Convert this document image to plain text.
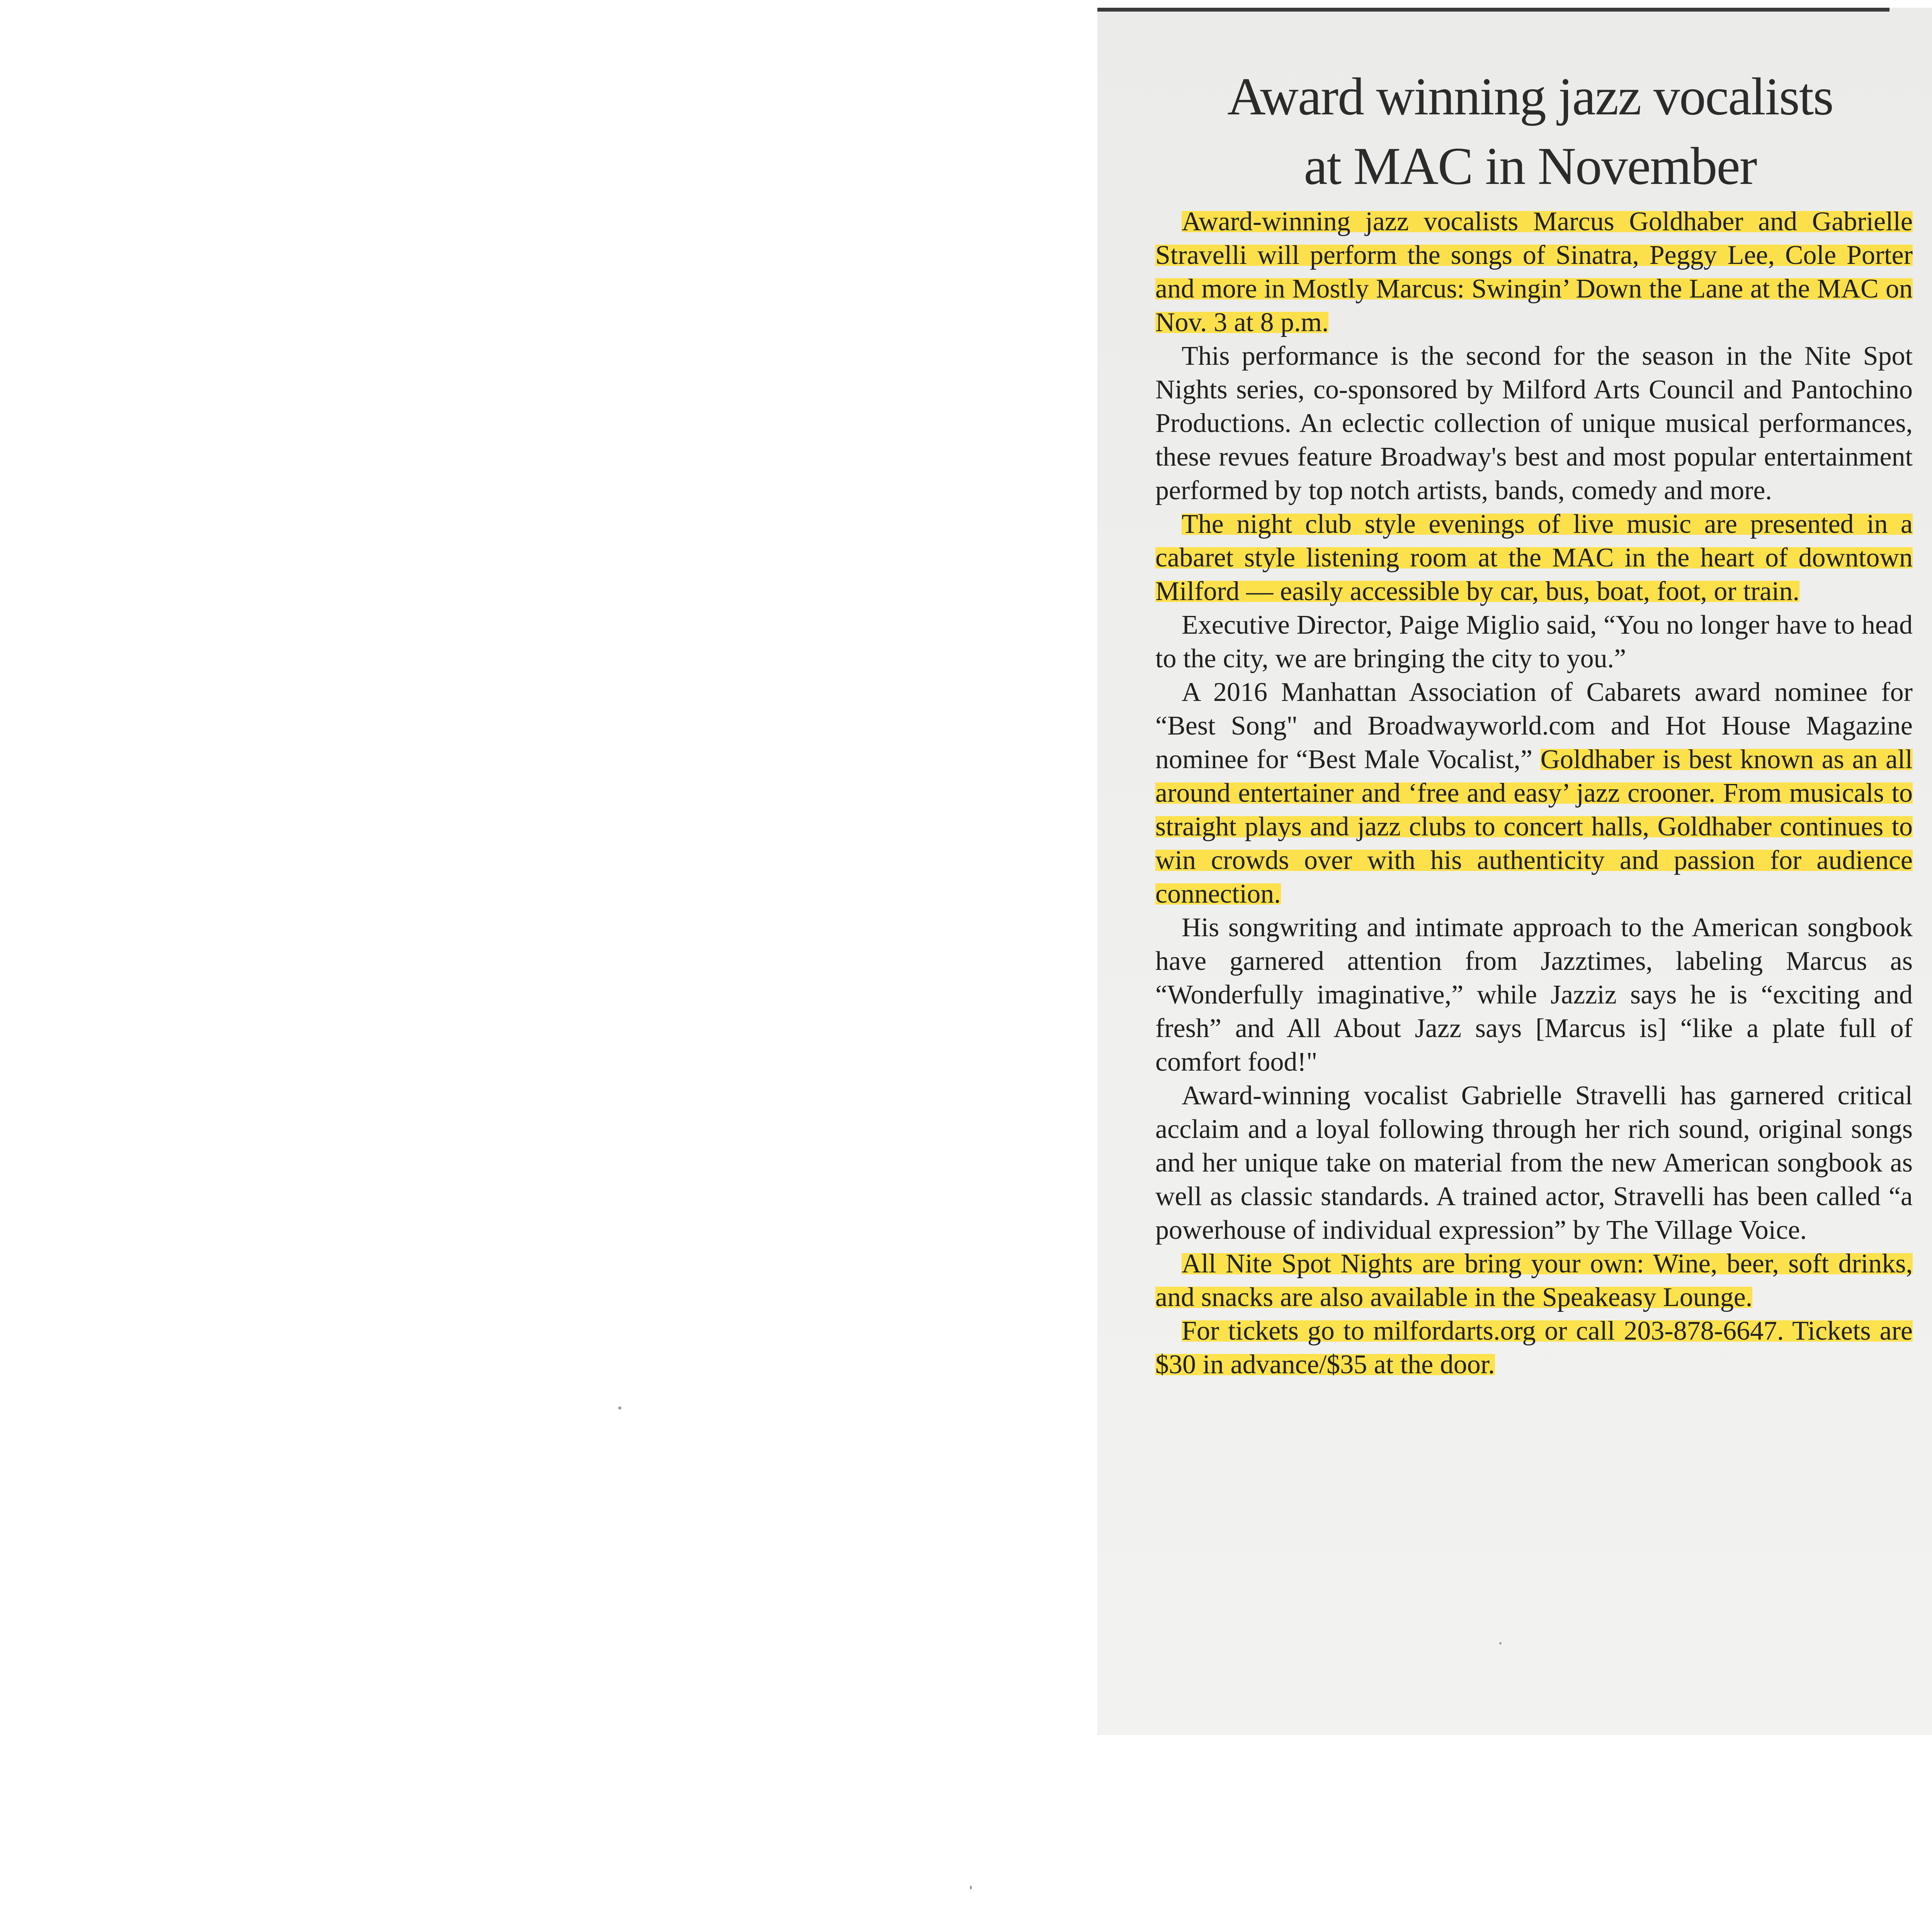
Award winning jazz vocalists
at MAC in November

Award-winning jazz vocalists Marcus Goldhaber and Gabrielle Stravelli will perform the songs of Sinatra, Peggy Lee, Cole Porter and more in Mostly Marcus: Swingin’ Down the Lane at the MAC on Nov. 3 at 8 p.m.

This performance is the second for the season in the Nite Spot Nights series, co-sponsored by Milford Arts Council and Pantochino Productions. An eclectic collection of unique musical performances, these revues feature Broadway's best and most popular entertainment performed by top notch artists, bands, comedy and more.

The night club style evenings of live music are presented in a cabaret style listening room at the MAC in the heart of downtown Milford — easily accessible by car, bus, boat, foot, or train.

Executive Director, Paige Miglio said, “You no longer have to head to the city, we are bringing the city to you.”

A 2016 Manhattan Association of Cabarets award nominee for “Best Song" and Broadwayworld.com and Hot House Magazine nominee for “Best Male Vocalist,” Goldhaber is best known as an all around entertainer and ‘free and easy’ jazz crooner. From musicals to straight plays and jazz clubs to concert halls, Goldhaber continues to win crowds over with his authenticity and passion for audience connection.

His songwriting and intimate approach to the American songbook have garnered attention from Jazztimes, labeling Marcus as “Wonderfully imaginative,” while Jazziz says he is “exciting and fresh” and All About Jazz says [Marcus is] “like a plate full of comfort food!"

Award-winning vocalist Gabrielle Stravelli has garnered critical acclaim and a loyal following through her rich sound, original songs and her unique take on material from the new American songbook as well as classic standards. A trained actor, Stravelli has been called “a powerhouse of individual expression” by The Village Voice.

All Nite Spot Nights are bring your own: Wine, beer, soft drinks, and snacks are also available in the Speakeasy Lounge.

For tickets go to milfordarts.org or call 203-878-6647. Tickets are $30 in advance/$35 at the door.
